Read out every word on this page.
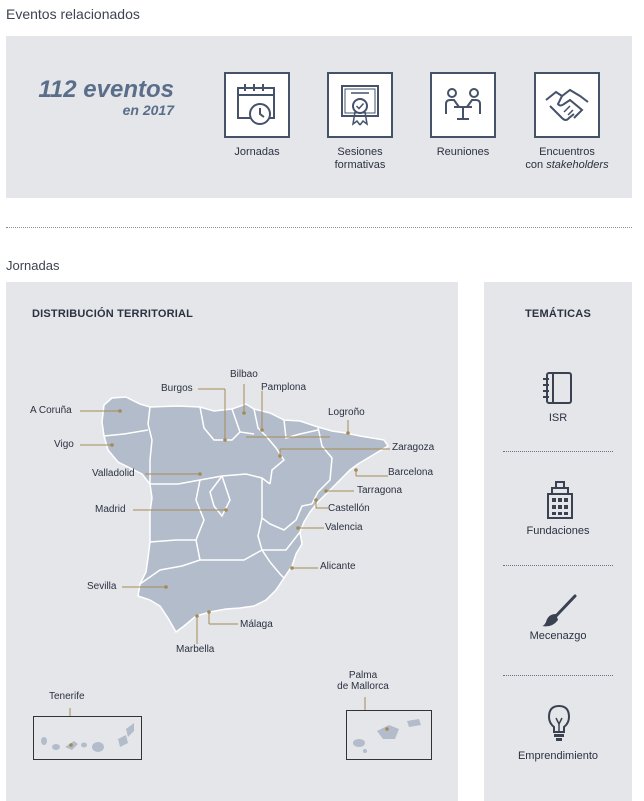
Eventos relacionados
112 eventos
en 2017
Jornadas	Sesiones
formativas
Reuniones	Encuentros
con stakeholders
Jornadas
DISTRIBUCIÓN TERRITORIAL	TEMÁTICAS
A Coruña
Vigo
Burgos
Bilbao
Pamplona
Logroño
Zaragoza
Valladolid	Barcelona
Tarragona
Madrid	Castellón
Valencia
Alicante
Sevilla
Málaga
Marbella
Tenerife
Palma
de Mallorca
ISR
Fundaciones
Mecenazgo
Emprendimiento
